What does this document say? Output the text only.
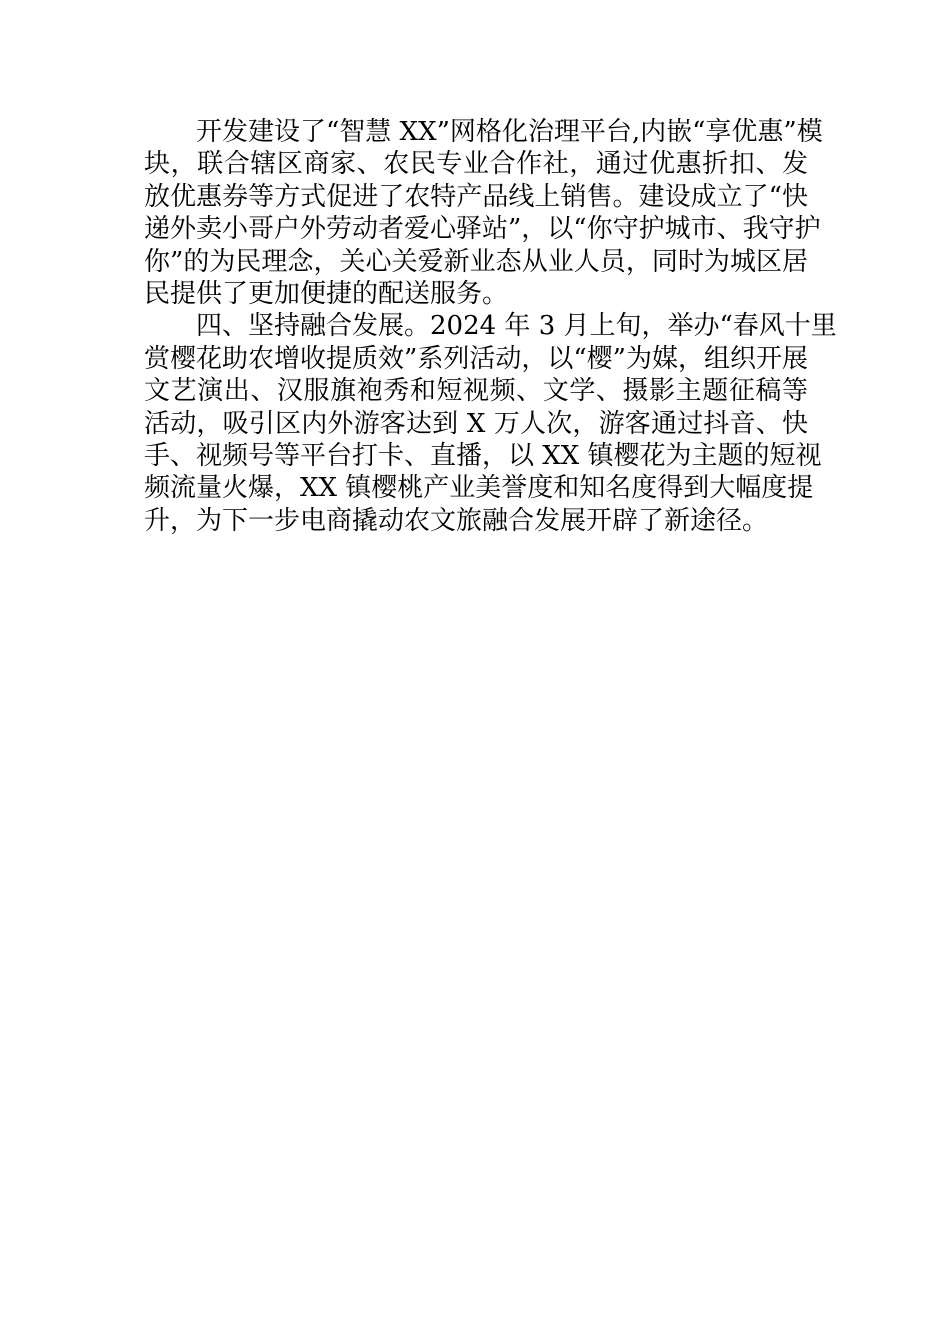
开发建设了“智慧 XX”网格化治理平台,内嵌“享优惠”模
块，联合辖区商家、农民专业合作社，通过优惠折扣、发
放优惠券等方式促进了农特产品线上销售。建设成立了“快
递外卖小哥户外劳动者爱心驿站”，以“你守护城市、我守护
你”的为民理念，关心关爱新业态从业人员，同时为城区居
民提供了更加便捷的配送服务。
四、坚持融合发展。2024 年 3 月上旬，举办“春风十里
赏樱花助农增收提质效”系列活动，以“樱”为媒，组织开展
文艺演出、汉服旗袍秀和短视频、文学、摄影主题征稿等
活动，吸引区内外游客达到 X 万人次，游客通过抖音、快
手、视频号等平台打卡、直播，以 XX 镇樱花为主题的短视
频流量火爆，XX 镇樱桃产业美誉度和知名度得到大幅度提
升，为下一步电商撬动农文旅融合发展开辟了新途径。
